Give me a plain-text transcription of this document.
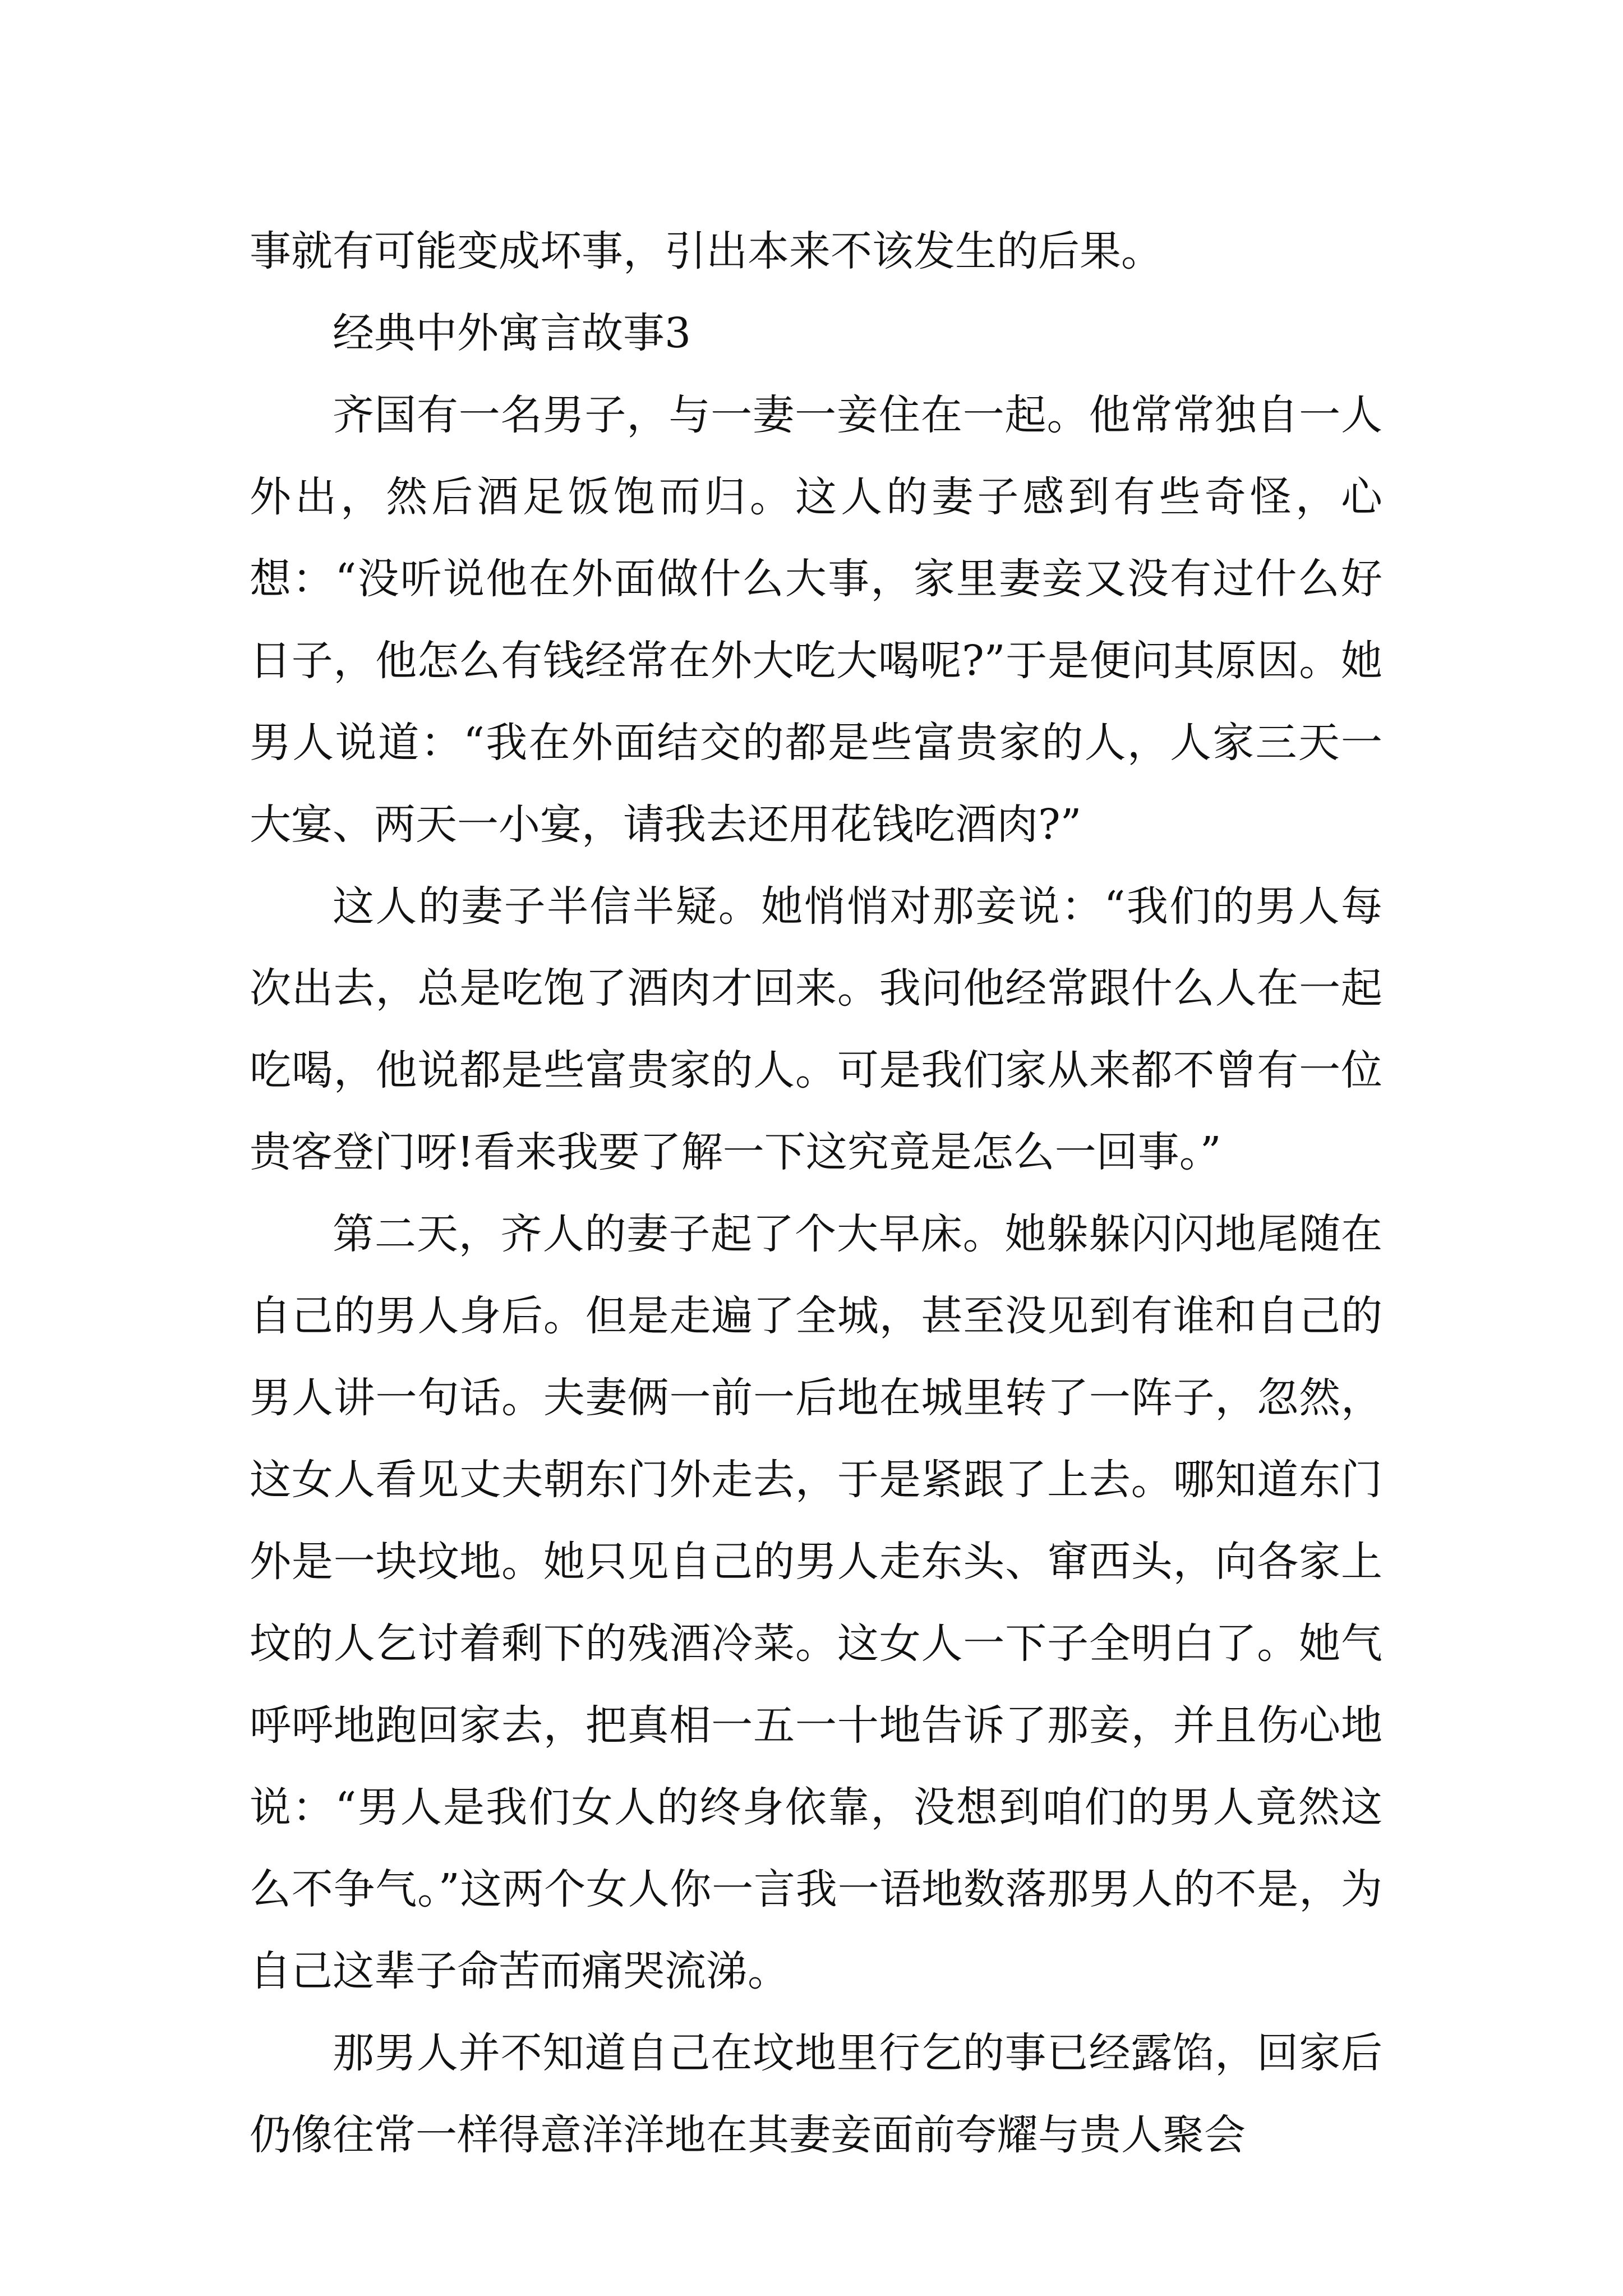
事就有可能变成坏事，引出本来不该发生的后果。

经典中外寓言故事3

齐国有一名男子，与一妻一妾住在一起。他常常独自一人外出，然后酒足饭饱而归。这人的妻子感到有些奇怪，心想：“没听说他在外面做什么大事，家里妻妾又没有过什么好日子，他怎么有钱经常在外大吃大喝呢?”于是便问其原因。她男人说道：“我在外面结交的都是些富贵家的人，人家三天一大宴、两天一小宴，请我去还用花钱吃酒肉?”

这人的妻子半信半疑。她悄悄对那妾说：“我们的男人每次出去，总是吃饱了酒肉才回来。我问他经常跟什么人在一起吃喝，他说都是些富贵家的人。可是我们家从来都不曾有一位贵客登门呀!看来我要了解一下这究竟是怎么一回事。”

第二天，齐人的妻子起了个大早床。她躲躲闪闪地尾随在自己的男人身后。但是走遍了全城，甚至没见到有谁和自己的男人讲一句话。夫妻俩一前一后地在城里转了一阵子，忽然，这女人看见丈夫朝东门外走去，于是紧跟了上去。哪知道东门外是一块坟地。她只见自己的男人走东头、窜西头，向各家上坟的人乞讨着剩下的残酒冷菜。这女人一下子全明白了。她气呼呼地跑回家去，把真相一五一十地告诉了那妾，并且伤心地说：“男人是我们女人的终身依靠，没想到咱们的男人竟然这么不争气。”这两个女人你一言我一语地数落那男人的不是，为自己这辈子命苦而痛哭流涕。

那男人并不知道自己在坟地里行乞的事已经露馅，回家后仍像往常一样得意洋洋地在其妻妾面前夸耀与贵人聚会
